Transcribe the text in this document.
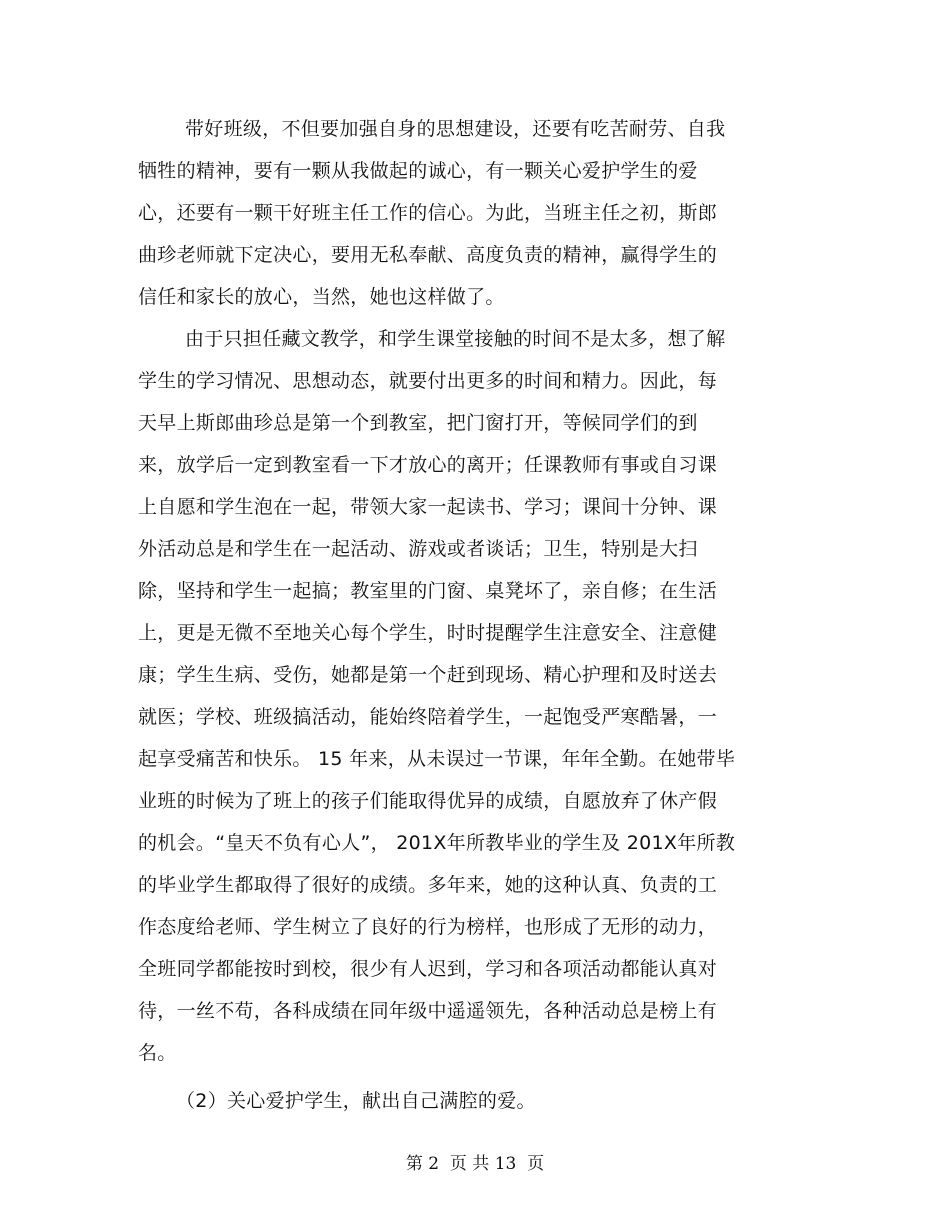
带好班级，不但要加强自身的思想建设，还要有吃苦耐劳、自我
牺牲的精神，要有一颗从我做起的诚心，有一颗关心爱护学生的爱
心，还要有一颗干好班主任工作的信心。为此，当班主任之初，斯郎
曲珍老师就下定决心，要用无私奉献、高度负责的精神，赢得学生的
信任和家长的放心，当然，她也这样做了。
由于只担任藏文教学，和学生课堂接触的时间不是太多，想了解
学生的学习情况、思想动态，就要付出更多的时间和精力。因此，每
天早上斯郎曲珍总是第一个到教室，把门窗打开，等候同学们的到
来，放学后一定到教室看一下才放心的离开；任课教师有事或自习课
上自愿和学生泡在一起，带领大家一起读书、学习；课间十分钟、课
外活动总是和学生在一起活动、游戏或者谈话；卫生，特别是大扫
除，坚持和学生一起搞；教室里的门窗、桌凳坏了，亲自修；在生活
上，更是无微不至地关心每个学生，时时提醒学生注意安全、注意健
康；学生生病、受伤，她都是第一个赶到现场、精心护理和及时送去
就医；学校、班级搞活动，能始终陪着学生，一起饱受严寒酷暑，一
起享受痛苦和快乐。 15 年来，从未误过一节课，年年全勤。在她带毕
业班的时候为了班上的孩子们能取得优异的成绩，自愿放弃了休产假
的机会。“皇天不负有心人”， 201X年所教毕业的学生及 201X年所教
的毕业学生都取得了很好的成绩。多年来，她的这种认真、负责的工
作态度给老师、学生树立了良好的行为榜样，也形成了无形的动力，
全班同学都能按时到校，很少有人迟到，学习和各项活动都能认真对
待，一丝不苟，各科成绩在同年级中遥遥领先，各种活动总是榜上有
名。
（2）关心爱护学生，献出自己满腔的爱。
第 2  页 共 13  页
